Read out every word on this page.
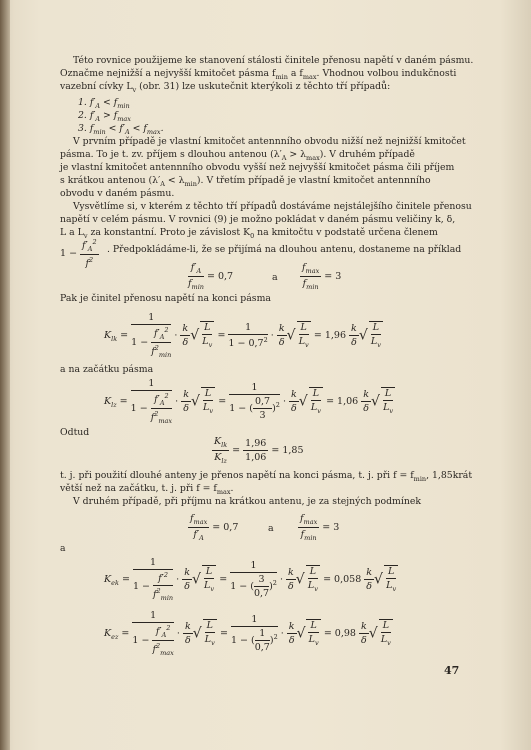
Této rovnice použijeme ke stanovení stálosti činitele přenosu napětí v daném pásmu.
Označme nejnižší a nejvyšší kmitočet pásma $f_{min}$ a $f_{max}$. Vhodnou volbou indukčnosti
vazební cívky $L_v$ (obr. 31) lze uskutečnit kterýkoli z těchto tří případů:
1. $f'_A < f_{min}$
2. $f'_A > f_{max}$
3. $f_{min} < f'_A < f_{max}$.
V prvním případě je vlastní kmitočet antennního obvodu nižší než nejnižší kmitočet
pásma. To je t. zv. příjem s dlouhou antenou $(\lambda'_A > \lambda_{max})$. V druhém případě
je vlastní kmitočet antennního obvodu vyšší než nejvyšší kmitočet pásma čili příjem
s krátkou antenou $(\lambda'_A < \lambda_{min})$. V třetím případě je vlastní kmitočet antennního
obvodu v daném pásmu.
Vysvětlíme si, v kterém z těchto tří případů dostáváme nejstálejšího činitele přenosu
napětí v celém pásmu. V rovnici (9) je možno pokládat v daném pásmu veličiny k, δ,
L a $L_v$ za konstantní. Proto je závislost $K_0$ na kmitočtu v podstatě určena členem
$1 - \frac{f'_A^2}{f^2}$ . Předpokládáme-li, že se přijímá na dlouhou antenu, dostaneme na příklad
$\frac{f'_A}{f_{min}} = 0,7$	a $\frac{f_{max}}{f_{min}} = 3$
Pak je činitel přenosu napětí na konci pásma
$K_{lk} = \frac{1}{1 - \frac{f'_A^2}{f^2_{min}}} \cdot \frac{k}{\delta}$ √ $\frac{L}{L_v} = \frac{1}{1 - 0,7^2} \cdot \frac{k}{\delta}$ √ $\frac{L}{L_v} = 1,96 \frac{k}{\delta}$ √ $\frac{L}{L_v}$
a na začátku pásma
$K_{lz} = \frac{1}{1 - \frac{f'_A^2}{f^2_{max}}} \cdot \frac{k}{\delta}$ √ $\frac{L}{L_v} = \frac{1}{1 - ( \frac{0,7}{3} )^2} \cdot \frac{k}{\delta}$ √ $\frac{L}{L_v} = 1,06 \frac{k}{\delta}$ √ $\frac{L}{L_v}$
Odtud
$\frac{K_{lk}}{K_{lz}} = \frac{1,96}{1,06} = 1,85$
t. j. při použití dlouhé anteny je přenos napětí na konci pásma, t. j. při $f = f_{min}$, 1,85krát
větší než na začátku, t. j. při $f = f_{max}$.
V druhém případě, při příjmu na krátkou antenu, je za stejných podmínek
$\frac{f_{max}}{f'_A} = 0,7$	a	$\frac{f_{max}}{f_{min}} = 3$
a
$K_{ek} = \frac{1}{1 - \frac{f'^2}{f^2_{min}}} \cdot \frac{k}{\delta}$ √ $\frac{L}{L_v} = \frac{1}{1 - ( \frac{3}{0,7} )^2} \cdot \frac{k}{\delta}$ √ $\frac{L}{L_v} = 0,058 \frac{k}{\delta}$ √ $\frac{L}{L_v}$
$K_{ez} = \frac{1}{1 - \frac{f'_A^2}{f^2_{max}}} \cdot \frac{k}{\delta}$ √ $\frac{L}{L_v} = \frac{1}{1 - ( \frac{1}{0,7} )^2} \cdot \frac{k}{\delta}$ √ $\frac{L}{L_v} = 0,98 \frac{k}{\delta}$ √ $\frac{L}{L_v}$
47
